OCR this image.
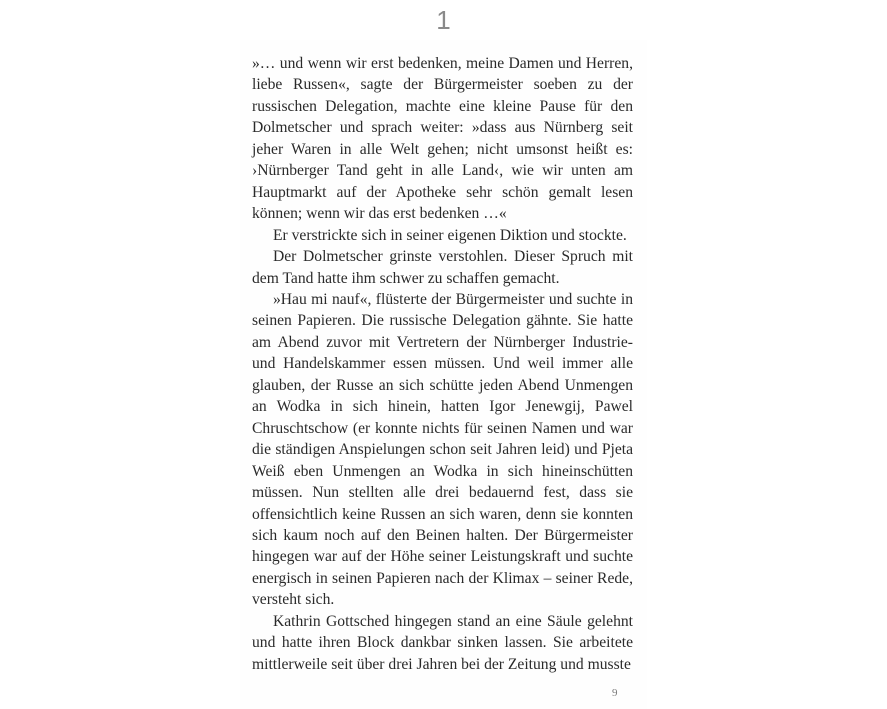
1

»… und wenn wir erst bedenken, meine Damen und Herren, liebe Russen«, sagte der Bürgermeister soeben zu der russischen Delegation, machte eine kleine Pause für den Dolmetscher und sprach weiter: »dass aus Nürnberg seit jeher Waren in alle Welt gehen; nicht umsonst heißt es: ›Nürnberger Tand geht in alle Land‹, wie wir unten am Hauptmarkt auf der Apotheke sehr schön gemalt lesen können; wenn wir das erst bedenken …«

Er verstrickte sich in seiner eigenen Diktion und stockte.

Der Dolmetscher grinste verstohlen. Dieser Spruch mit dem Tand hatte ihm schwer zu schaffen gemacht.

»Hau mi nauf«, flüsterte der Bürgermeister und suchte in seinen Papieren. Die russische Delegation gähnte. Sie hatte am Abend zuvor mit Vertretern der Nürnberger Industrie- und Handelskammer essen müssen. Und weil immer alle glauben, der Russe an sich schütte jeden Abend Unmengen an Wodka in sich hinein, hatten Igor Jenewgij, Pawel Chruschtschow (er konnte nichts für seinen Namen und war die ständigen Anspielungen schon seit Jahren leid) und Pjeta Weiß eben Unmengen an Wodka in sich hineinschütten müssen. Nun stellten alle drei bedauernd fest, dass sie offensichtlich keine Russen an sich waren, denn sie konnten sich kaum noch auf den Beinen halten. Der Bürgermeister hingegen war auf der Höhe seiner Leistungskraft und suchte energisch in seinen Papieren nach der Klimax – seiner Rede, versteht sich.

Kathrin Gottsched hingegen stand an eine Säule gelehnt und hatte ihren Block dankbar sinken lassen. Sie arbeitete mittlerweile seit über drei Jahren bei der Zeitung und musste

9
